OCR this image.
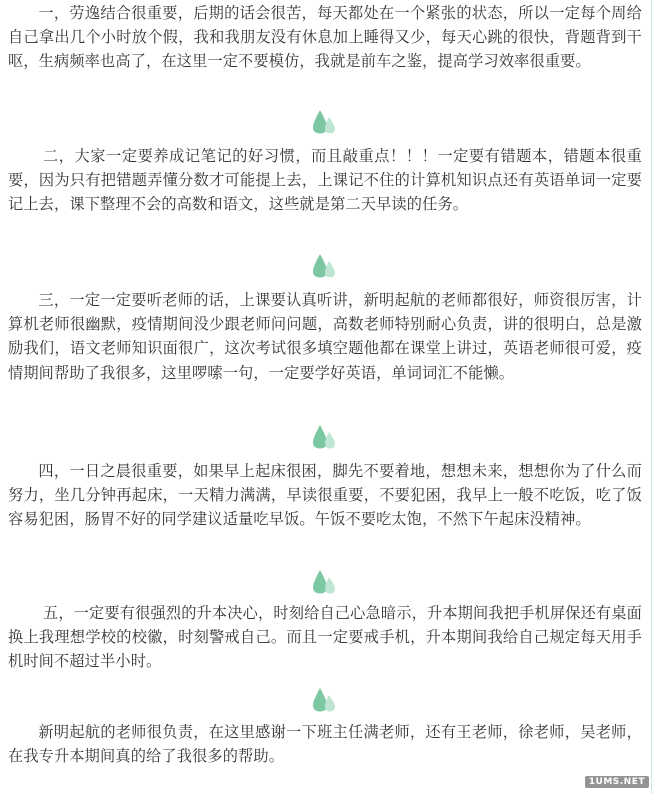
一，劳逸结合很重要，后期的话会很苦，每天都处在一个紧张的状态，所以一定每个周给自己拿出几个小时放个假，我和我朋友没有休息加上睡得又少，每天心跳的很快，背题背到干呕，生病频率也高了，在这里一定不要模仿，我就是前车之鉴，提高学习效率很重要。

二，大家一定要养成记笔记的好习惯，而且敲重点！！！一定要有错题本，错题本很重要，因为只有把错题弄懂分数才可能提上去，上课记不住的计算机知识点还有英语单词一定要记上去，课下整理不会的高数和语文，这些就是第二天早读的任务。

三，一定一定要听老师的话，上课要认真听讲，新明起航的老师都很好，师资很厉害，计算机老师很幽默，疫情期间没少跟老师问问题，高数老师特别耐心负责，讲的很明白，总是激励我们，语文老师知识面很广，这次考试很多填空题他都在课堂上讲过，英语老师很可爱，疫情期间帮助了我很多，这里啰嗦一句，一定要学好英语，单词词汇不能懒。

四，一日之晨很重要，如果早上起床很困，脚先不要着地，想想未来，想想你为了什么而努力，坐几分钟再起床，一天精力满满，早读很重要，不要犯困，我早上一般不吃饭，吃了饭容易犯困，肠胃不好的同学建议适量吃早饭。午饭不要吃太饱，不然下午起床没精神。

五，一定要有很强烈的升本决心，时刻给自己心急暗示，升本期间我把手机屏保还有桌面换上我理想学校的校徽，时刻警戒自己。而且一定要戒手机，升本期间我给自己规定每天用手机时间不超过半小时。

新明起航的老师很负责，在这里感谢一下班主任满老师，还有王老师，徐老师，吴老师，在我专升本期间真的给了我很多的帮助。

1UMS.NET
